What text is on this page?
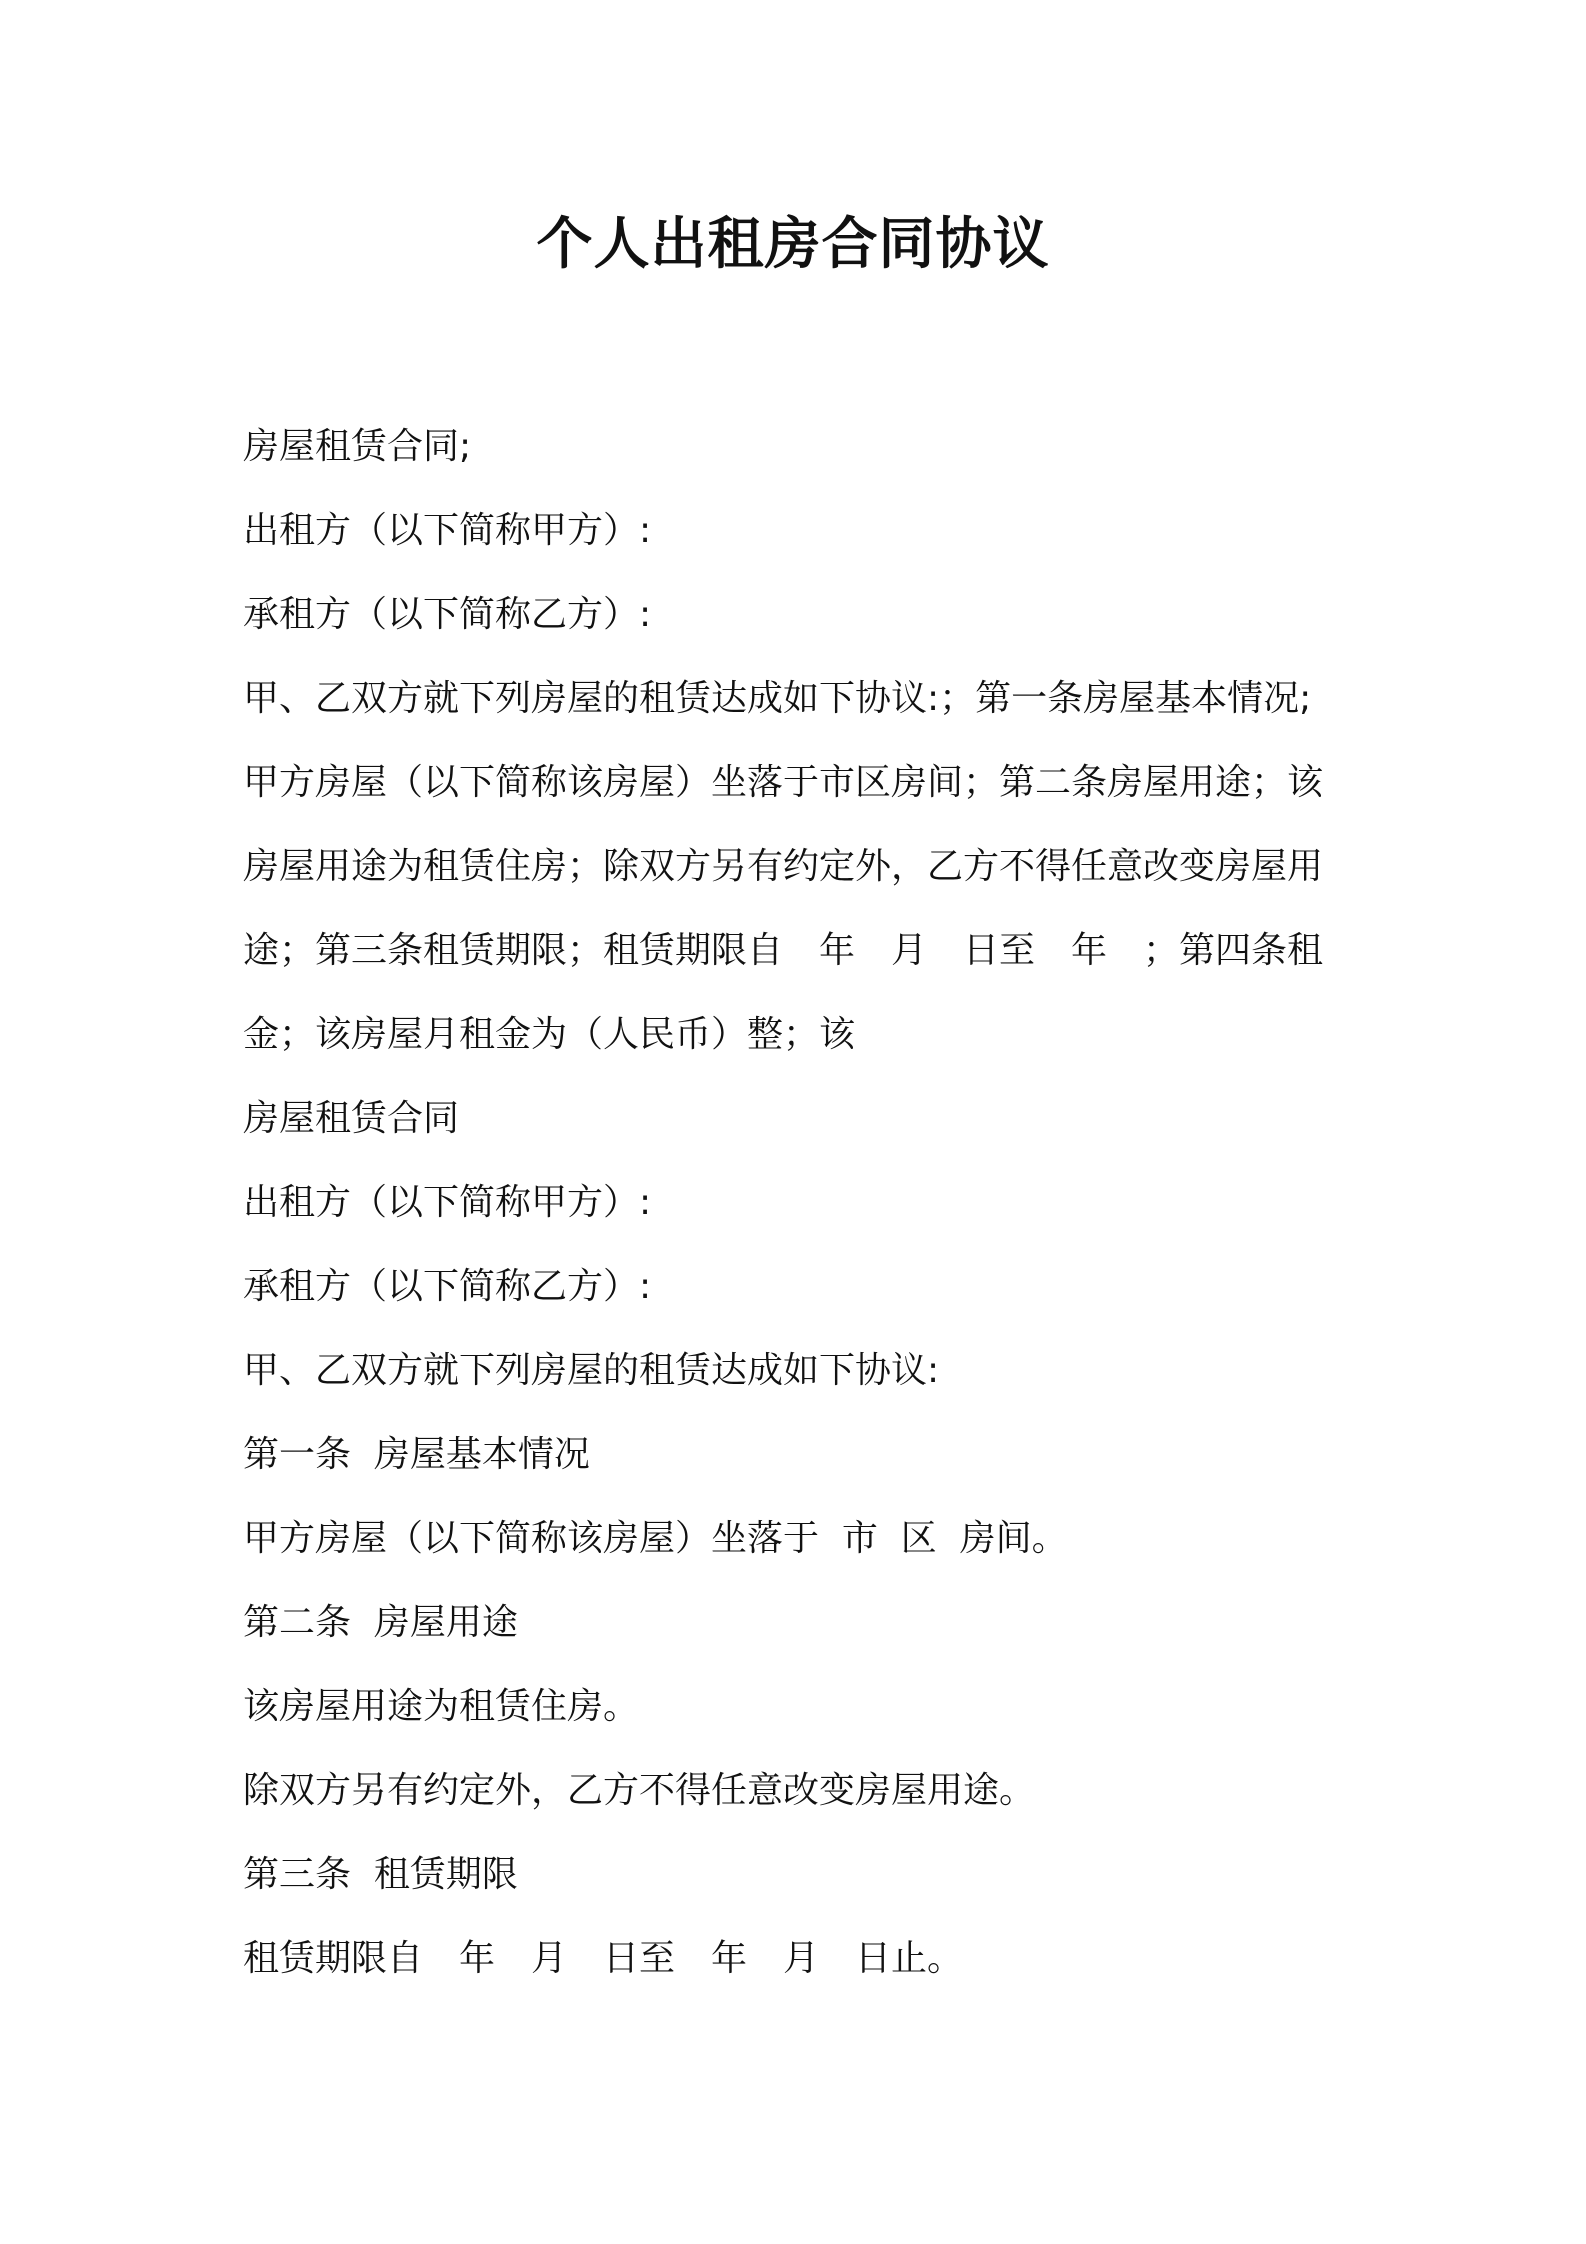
个人出租房合同协议

房屋租赁合同;

出租方（以下简称甲方）:

承租方（以下简称乙方）:

甲、乙双方就下列房屋的租赁达成如下协议:；第一条房屋基本情况;

甲方房屋（以下简称该房屋）坐落于市区房间；第二条房屋用途；该

房屋用途为租赁住房；除双方另有约定外，乙方不得任意改变房屋用

途；第三条租赁期限；租赁期限自　年　月　日至　年　；第四条租

金；该房屋月租金为（人民币）整；该

房屋租赁合同

出租方（以下简称甲方）:

承租方（以下简称乙方）:

甲、乙双方就下列房屋的租赁达成如下协议:

第一条  房屋基本情况

甲方房屋（以下简称该房屋）坐落于  市  区  房间。

第二条  房屋用途

该房屋用途为租赁住房。

除双方另有约定外，乙方不得任意改变房屋用途。

第三条  租赁期限

租赁期限自　年　月　日至　年　月　日止。
